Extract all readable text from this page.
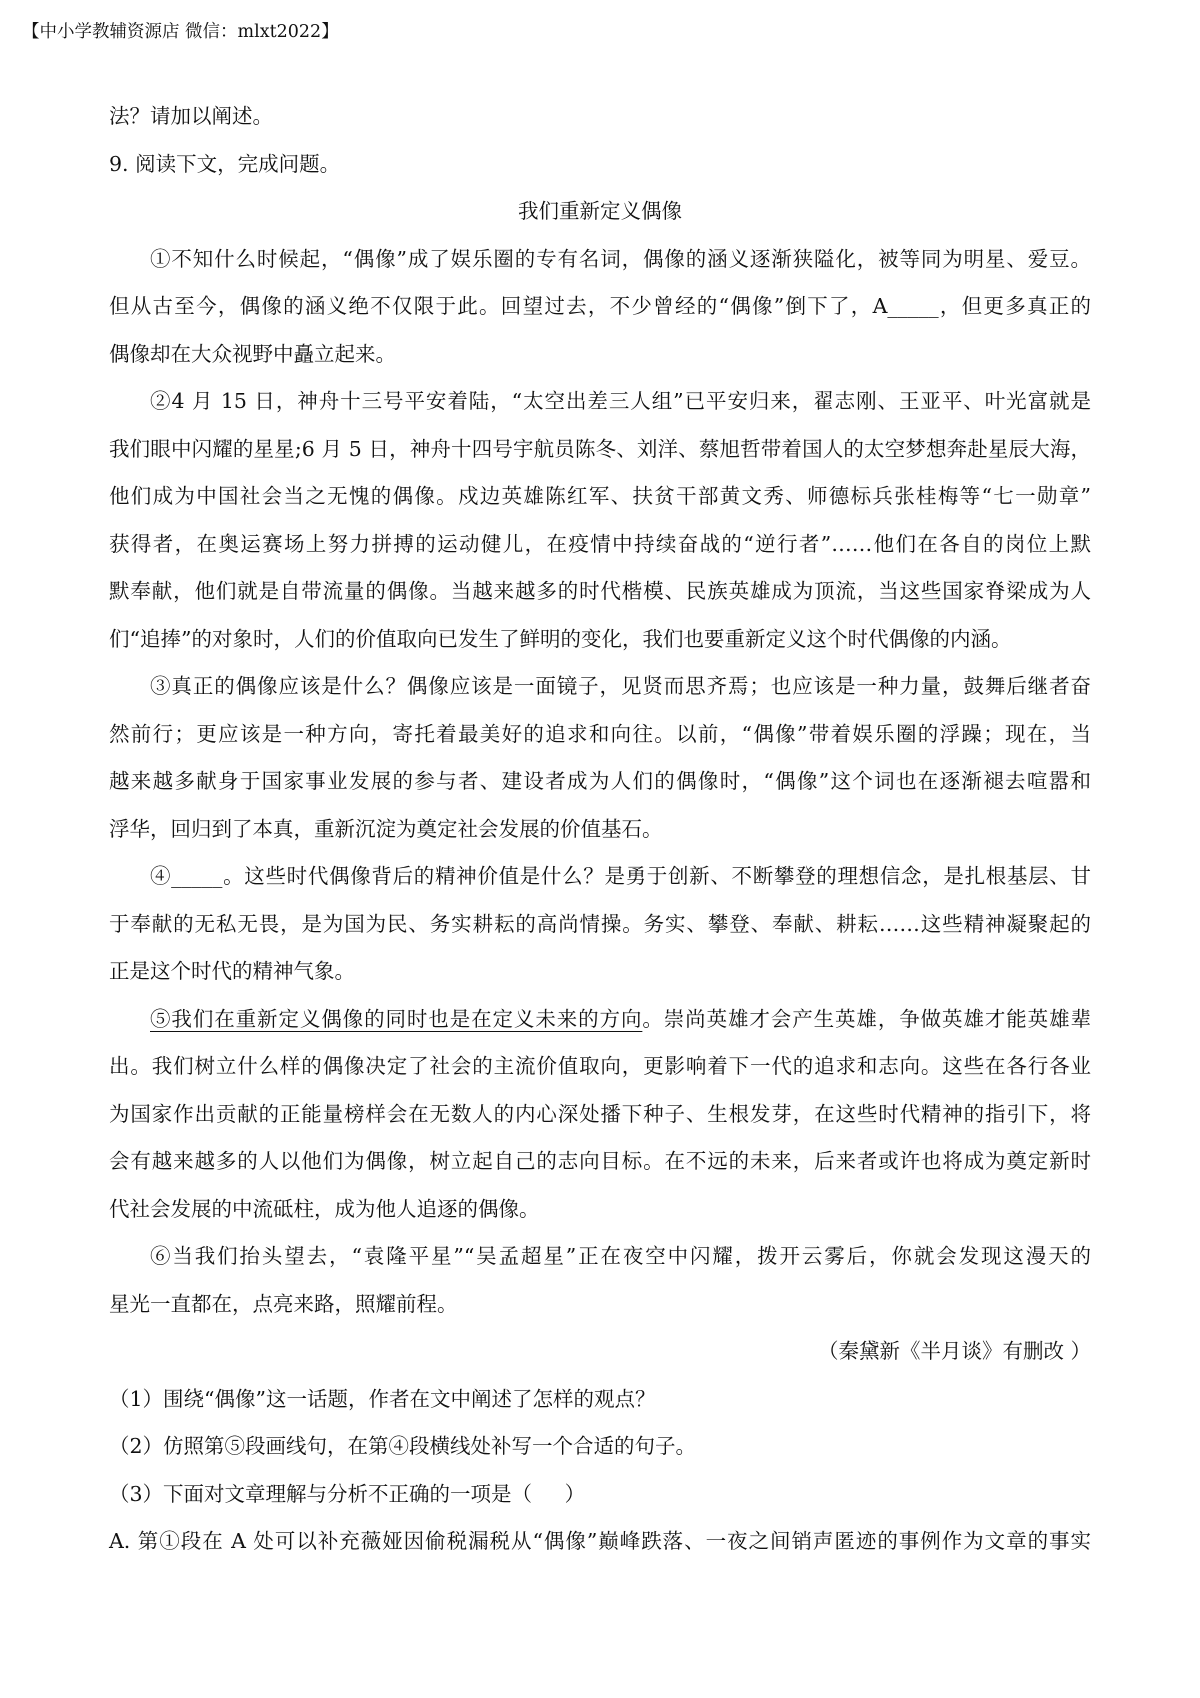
【中小学教辅资源店 微信：mlxt2022】
法？请加以阐述。
9. 阅读下文，完成问题。
我们重新定义偶像
①不知什么时候起，“偶像”成了娱乐圈的专有名词，偶像的涵义逐渐狭隘化，被等同为明星、爱豆。
但从古至今，偶像的涵义绝不仅限于此。回望过去，不少曾经的“偶像”倒下了，A_____，但更多真正的
偶像却在大众视野中矗立起来。
②4 月 15 日，神舟十三号平安着陆，“太空出差三人组”已平安归来，翟志刚、王亚平、叶光富就是
我们眼中闪耀的星星;6 月 5 日，神舟十四号宇航员陈冬、刘洋、蔡旭哲带着国人的太空梦想奔赴星辰大海，
他们成为中国社会当之无愧的偶像。戍边英雄陈红军、扶贫干部黄文秀、师德标兵张桂梅等“七一勋章”
获得者，在奥运赛场上努力拼搏的运动健儿，在疫情中持续奋战的“逆行者”……他们在各自的岗位上默
默奉献，他们就是自带流量的偶像。当越来越多的时代楷模、民族英雄成为顶流，当这些国家脊梁成为人
们“追捧”的对象时，人们的价值取向已发生了鲜明的变化，我们也要重新定义这个时代偶像的内涵。
③真正的偶像应该是什么？偶像应该是一面镜子，见贤而思齐焉；也应该是一种力量，鼓舞后继者奋
然前行；更应该是一种方向，寄托着最美好的追求和向往。以前，“偶像”带着娱乐圈的浮躁；现在，当
越来越多献身于国家事业发展的参与者、建设者成为人们的偶像时，“偶像”这个词也在逐渐褪去喧嚣和
浮华，回归到了本真，重新沉淀为奠定社会发展的价值基石。
④_____。这些时代偶像背后的精神价值是什么？是勇于创新、不断攀登的理想信念，是扎根基层、甘
于奉献的无私无畏，是为国为民、务实耕耘的高尚情操。务实、攀登、奉献、耕耘……这些精神凝聚起的
正是这个时代的精神气象。
⑤我们在重新定义偶像的同时也是在定义未来的方向。崇尚英雄才会产生英雄，争做英雄才能英雄辈
出。我们树立什么样的偶像决定了社会的主流价值取向，更影响着下一代的追求和志向。这些在各行各业
为国家作出贡献的正能量榜样会在无数人的内心深处播下种子、生根发芽，在这些时代精神的指引下，将
会有越来越多的人以他们为偶像，树立起自己的志向目标。在不远的未来，后来者或许也将成为奠定新时
代社会发展的中流砥柱，成为他人追逐的偶像。
⑥当我们抬头望去，“袁隆平星”“吴孟超星”正在夜空中闪耀，拨开云雾后，你就会发现这漫天的
星光一直都在，点亮来路，照耀前程。
（秦黛新《半月谈》有删改 ）
（1）围绕“偶像”这一话题，作者在文中阐述了怎样的观点？
（2）仿照第⑤段画线句，在第④段横线处补写一个合适的句子。
（3）下面对文章理解与分析不正确的一项是（     ）
A. 第①段在 A 处可以补充薇娅因偷税漏税从“偶像”巅峰跌落、一夜之间销声匿迹的事例作为文章的事实
